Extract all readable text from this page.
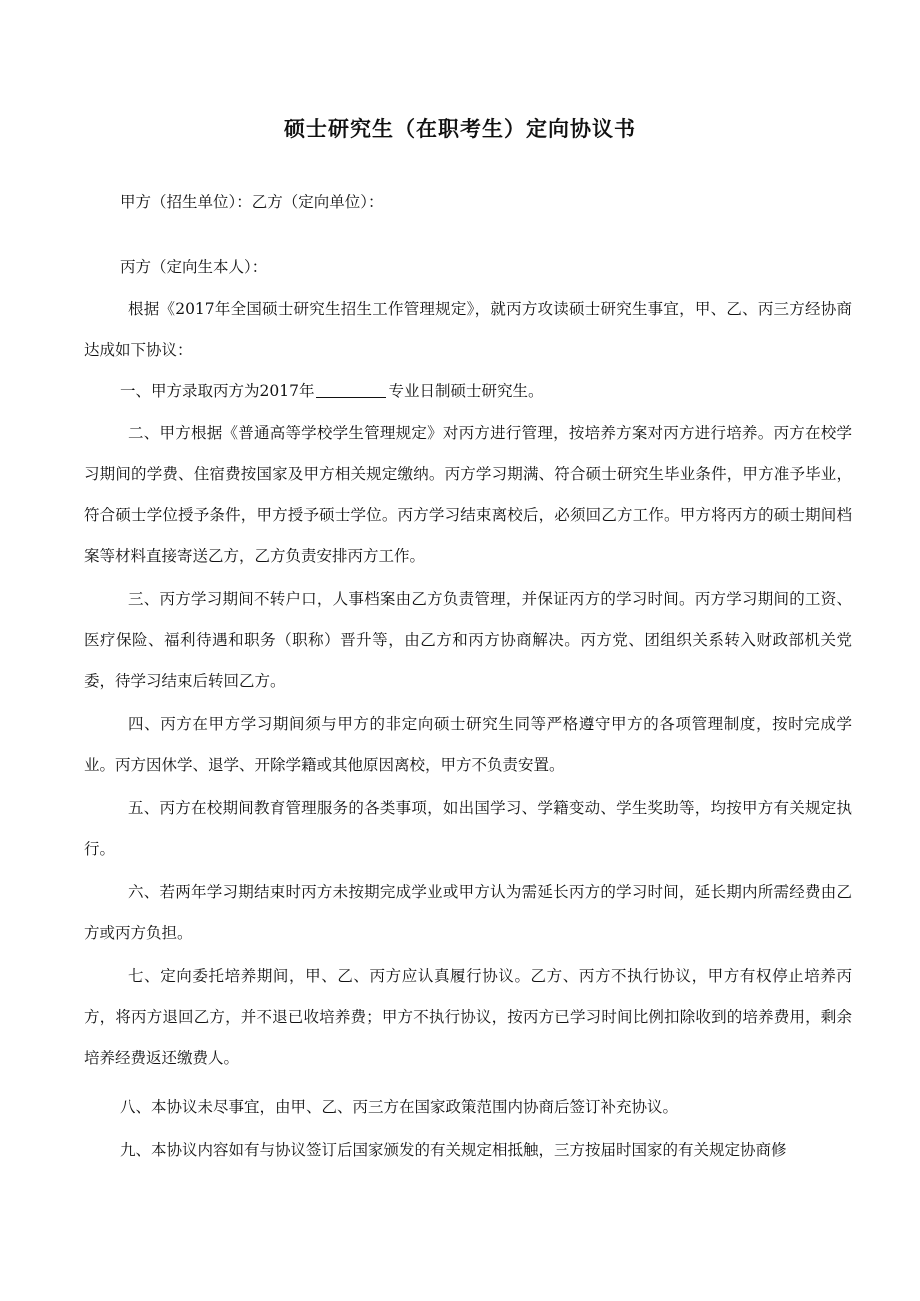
硕士研究生（在职考生）定向协议书
甲方（招生单位）：乙方（定向单位）：
丙方（定向生本人）：
根据《2017年全国硕士研究生招生工作管理规定》，就丙方攻读硕士研究生事宜，甲、乙、丙三方经协商达成如下协议：
一、甲方录取丙方为2017年	专业日制硕士研究生。
二、甲方根据《普通高等学校学生管理规定》对丙方进行管理，按培养方案对丙方进行培养。丙方在校学习期间的学费、住宿费按国家及甲方相关规定缴纳。丙方学习期满、符合硕士研究生毕业条件，甲方准予毕业，符合硕士学位授予条件，甲方授予硕士学位。丙方学习结束离校后，必须回乙方工作。甲方将丙方的硕士期间档案等材料直接寄送乙方，乙方负责安排丙方工作。
三、丙方学习期间不转户口，人事档案由乙方负责管理，并保证丙方的学习时间。丙方学习期间的工资、医疗保险、福利待遇和职务（职称）晋升等，由乙方和丙方协商解决。丙方党、团组织关系转入财政部机关党委，待学习结束后转回乙方。
四、丙方在甲方学习期间须与甲方的非定向硕士研究生同等严格遵守甲方的各项管理制度，按时完成学业。丙方因休学、退学、开除学籍或其他原因离校，甲方不负责安置。
五、丙方在校期间教育管理服务的各类事项，如出国学习、学籍变动、学生奖助等，均按甲方有关规定执行。
六、若两年学习期结束时丙方未按期完成学业或甲方认为需延长丙方的学习时间，延长期内所需经费由乙方或丙方负担。
七、定向委托培养期间，甲、乙、丙方应认真履行协议。乙方、丙方不执行协议，甲方有权停止培养丙方，将丙方退回乙方，并不退已收培养费；甲方不执行协议，按丙方已学习时间比例扣除收到的培养费用，剩余培养经费返还缴费人。
八、本协议未尽事宜，由甲、乙、丙三方在国家政策范围内协商后签订补充协议。
九、本协议内容如有与协议签订后国家颁发的有关规定相抵触，三方按届时国家的有关规定协商修
